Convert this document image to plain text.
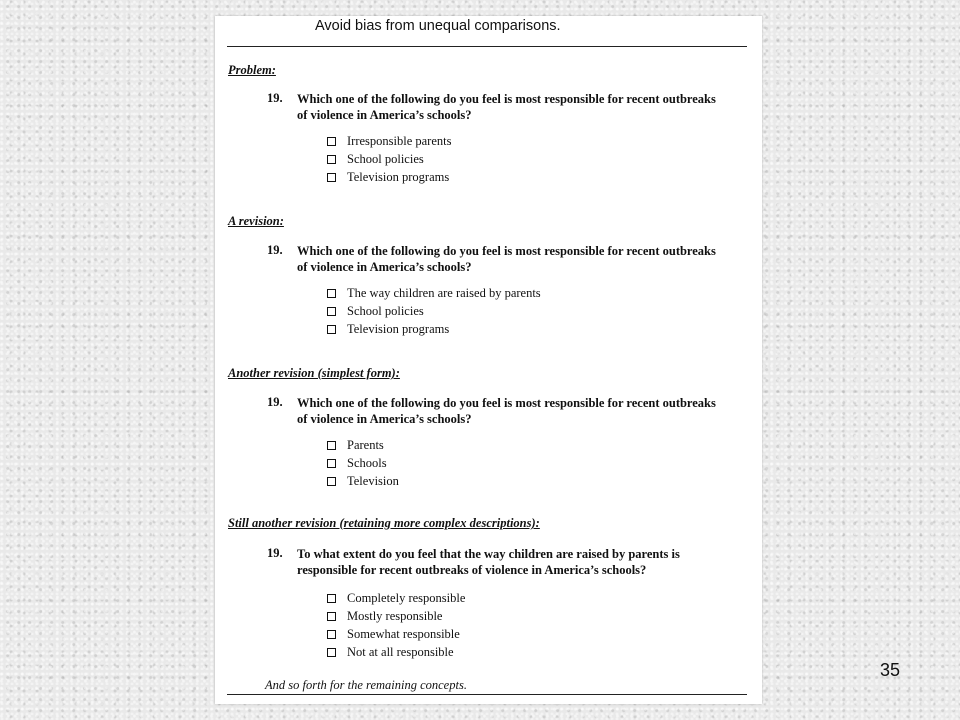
Avoid bias from unequal comparisons.
Problem:
19. Which one of the following do you feel is most responsible for recent outbreaks
of violence in America’s schools?
Irresponsible parents
School policies
Television programs
A revision:
19. Which one of the following do you feel is most responsible for recent outbreaks
of violence in America’s schools?
The way children are raised by parents
School policies
Television programs
Another revision (simplest form):
19. Which one of the following do you feel is most responsible for recent outbreaks
of violence in America’s schools?
Parents
Schools
Television
Still another revision (retaining more complex descriptions):
19. To what extent do you feel that the way children are raised by parents is
responsible for recent outbreaks of violence in America’s schools?
Completely responsible
Mostly responsible
Somewhat responsible
Not at all responsible
And so forth for the remaining concepts.
35
